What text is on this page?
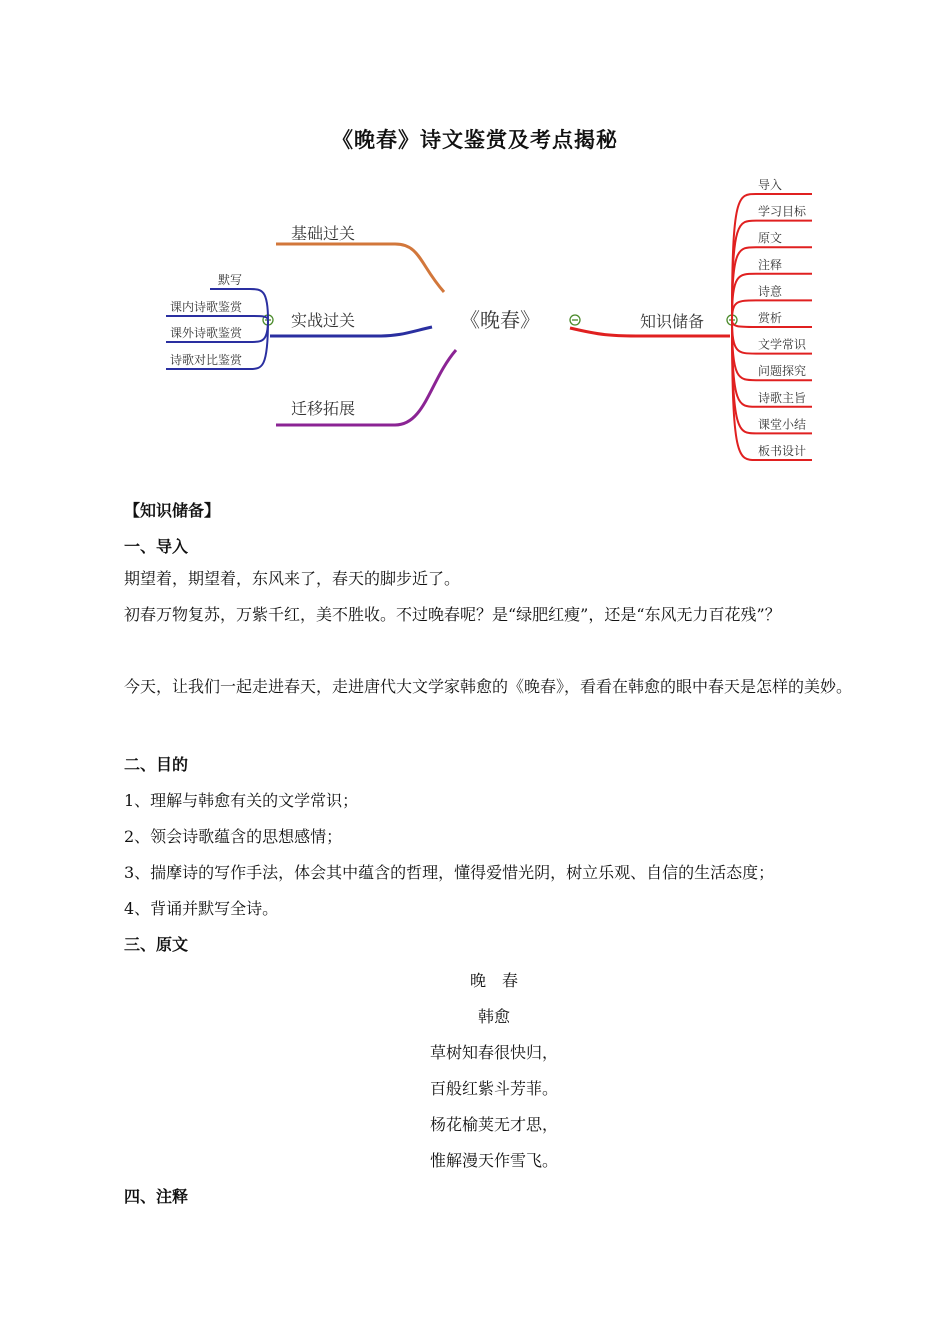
《晚春》诗文鉴赏及考点揭秘
《晚春》
基础过关
实战过关
默写
课内诗歌鉴赏
课外诗歌鉴赏
诗歌对比鉴赏
迁移拓展
知识储备
导入
学习目标
原文
注释
诗意
赏析
文学常识
问题探究
诗歌主旨
课堂小结
板书设计
【知识储备】
一、导入
期望着，期望着，东风来了，春天的脚步近了。
初春万物复苏，万紫千红，美不胜收。不过晚春呢？是“绿肥红瘦”，还是“东风无力百花残”？
今天，让我们一起走进春天，走进唐代大文学家韩愈的《晚春》，看看在韩愈的眼中春天是怎样的美妙。
二、目的
1、理解与韩愈有关的文学常识；
2、领会诗歌蕴含的思想感情；
3、揣摩诗的写作手法，体会其中蕴含的哲理，懂得爱惜光阴，树立乐观、自信的生活态度；
4、背诵并默写全诗。
三、原文
晚　春
韩愈
草树知春很快归，
百般红紫斗芳菲。
杨花榆荚无才思，
惟解漫天作雪飞。
四、注释
